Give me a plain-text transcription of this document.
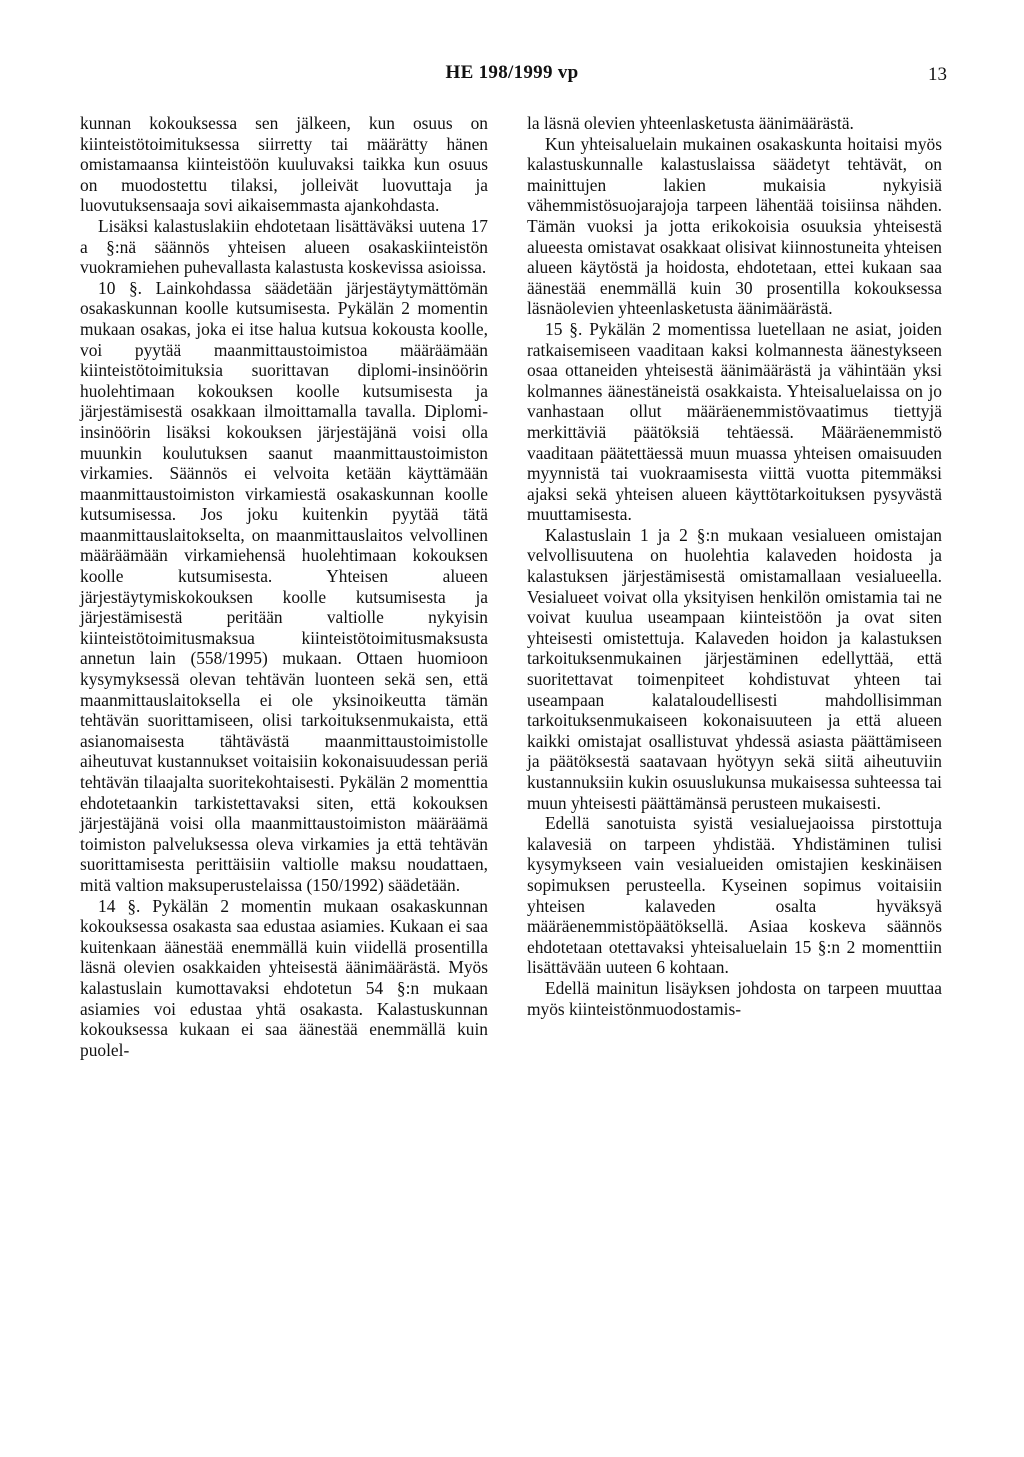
HE 198/1999 vp	13

kunnan kokouksessa sen jälkeen, kun osuus on kiinteistötoimituksessa siirretty tai määrätty hänen omistamaansa kiinteistöön kuuluvaksi taikka kun osuus on muodostettu tilaksi, jolleivät luovuttaja ja luovutuksensaaja sovi aikaisemmasta ajankohdasta.

Lisäksi kalastuslakiin ehdotetaan lisättäväksi uutena 17 a §:nä säännös yhteisen alueen osakaskiinteistön vuokramiehen puhevallasta kalastusta koskevissa asioissa.

10 §. Lainkohdassa säädetään järjestäytymättömän osakaskunnan koolle kutsumisesta. Pykälän 2 momentin mukaan osakas, joka ei itse halua kutsua kokousta koolle, voi pyytää maanmittaustoimistoa määräämään kiinteistötoimituksia suorittavan diplomi-insinöörin huolehtimaan kokouksen koolle kutsumisesta ja järjestämisestä osakkaan ilmoittamalla tavalla. Diplomi-insinöörin lisäksi kokouksen järjestäjänä voisi olla muunkin koulutuksen saanut maanmittaustoimiston virkamies. Säännös ei velvoita ketään käyttämään maanmittaustoimiston virkamiestä osakaskunnan koolle kutsumisessa. Jos joku kuitenkin pyytää tätä maanmittauslaitokselta, on maanmittauslaitos velvollinen määräämään virkamiehensä huolehtimaan kokouksen koolle kutsumisesta. Yhteisen alueen järjestäytymiskokouksen koolle kutsumisesta ja järjestämisestä peritään valtiolle nykyisin kiinteistötoimitusmaksua kiinteistötoimitusmaksusta annetun lain (558/1995) mukaan. Ottaen huomioon kysymyksessä olevan tehtävän luonteen sekä sen, että maanmittauslaitoksella ei ole yksinoikeutta tämän tehtävän suorittamiseen, olisi tarkoituksenmukaista, että asianomaisesta tähtävästä maanmittaustoimistolle aiheutuvat kustannukset voitaisiin kokonaisuudessan periä tehtävän tilaajalta suoritekohtaisesti. Pykälän 2 momenttia ehdotetaankin tarkistettavaksi siten, että kokouksen järjestäjänä voisi olla maanmittaustoimiston määräämä toimiston palveluksessa oleva virkamies ja että tehtävän suorittamisesta perittäisiin valtiolle maksu noudattaen, mitä valtion maksuperustelaissa (150/1992) säädetään.

14 §. Pykälän 2 momentin mukaan osakaskunnan kokouksessa osakasta saa edustaa asiamies. Kukaan ei saa kuitenkaan äänestää enemmällä kuin viidellä prosentilla läsnä olevien osakkaiden yhteisestä äänimäärästä. Myös kalastuslain kumottavaksi ehdotetun 54 §:n mukaan asiamies voi edustaa yhtä osakasta. Kalastuskunnan kokouksessa kukaan ei saa äänestää enemmällä kuin puolel-

la läsnä olevien yhteenlasketusta äänimäärästä.

Kun yhteisaluelain mukainen osakaskunta hoitaisi myös kalastuskunnalle kalastuslaissa säädetyt tehtävät, on mainittujen lakien mukaisia nykyisiä vähemmistösuojarajoja tarpeen lähentää toisiinsa nähden. Tämän vuoksi ja jotta erikokoisia osuuksia yhteisestä alueesta omistavat osakkaat olisivat kiinnostuneita yhteisen alueen käytöstä ja hoidosta, ehdotetaan, ettei kukaan saa äänestää enemmällä kuin 30 prosentilla kokouksessa läsnäolevien yhteenlasketusta äänimäärästä.

15 §. Pykälän 2 momentissa luetellaan ne asiat, joiden ratkaisemiseen vaaditaan kaksi kolmannesta äänestykseen osaa ottaneiden yhteisestä äänimäärästä ja vähintään yksi kolmannes äänestäneistä osakkaista. Yhteisaluelaissa on jo vanhastaan ollut määräenemmistövaatimus tiettyjä merkittäviä päätöksiä tehtäessä. Määräenemmistö vaaditaan päätettäessä muun muassa yhteisen omaisuuden myynnistä tai vuokraamisesta viittä vuotta pitemmäksi ajaksi sekä yhteisen alueen käyttötarkoituksen pysyvästä muuttamisesta.

Kalastuslain 1 ja 2 §:n mukaan vesialueen omistajan velvollisuutena on huolehtia kalaveden hoidosta ja kalastuksen järjestämisestä omistamallaan vesialueella. Vesialueet voivat olla yksityisen henkilön omistamia tai ne voivat kuulua useampaan kiinteistöön ja ovat siten yhteisesti omistettuja. Kalaveden hoidon ja kalastuksen tarkoituksenmukainen järjestäminen edellyttää, että suoritettavat toimenpiteet kohdistuvat yhteen tai useampaan kalataloudellisesti mahdollisimman tarkoituksenmukaiseen kokonaisuuteen ja että alueen kaikki omistajat osallistuvat yhdessä asiasta päättämiseen ja päätöksestä saatavaan hyötyyn sekä siitä aiheutuviin kustannuksiin kukin osuuslukunsa mukaisessa suhteessa tai muun yhteisesti päättämänsä perusteen mukaisesti.

Edellä sanotuista syistä vesialuejaoissa pirstottuja kalavesiä on tarpeen yhdistää. Yhdistäminen tulisi kysymykseen vain vesialueiden omistajien keskinäisen sopimuksen perusteella. Kyseinen sopimus voitaisiin yhteisen kalaveden osalta hyväksyä määräenemmistöpäätöksellä. Asiaa koskeva säännös ehdotetaan otettavaksi yhteisaluelain 15 §:n 2 momenttiin lisättävään uuteen 6 kohtaan.

Edellä mainitun lisäyksen johdosta on tarpeen muuttaa myös kiinteistönmuodostamis-
